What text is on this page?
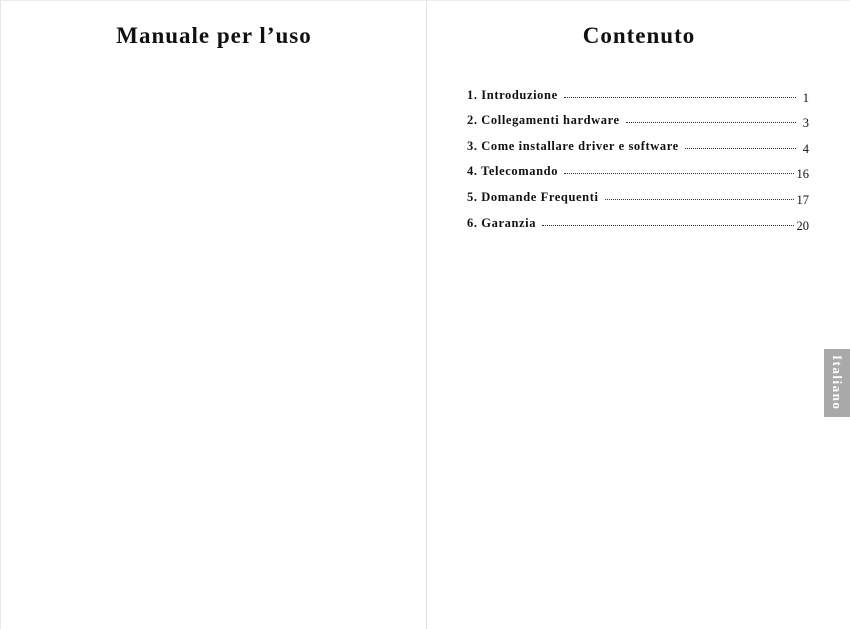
Manuale per l’uso	Contenuto
1. Introduzione	1
2. Collegamenti hardware	3
3. Come installare driver e software	4
4. Telecomando	16
5. Domande Frequenti	17
6. Garanzia	20
Italiano
